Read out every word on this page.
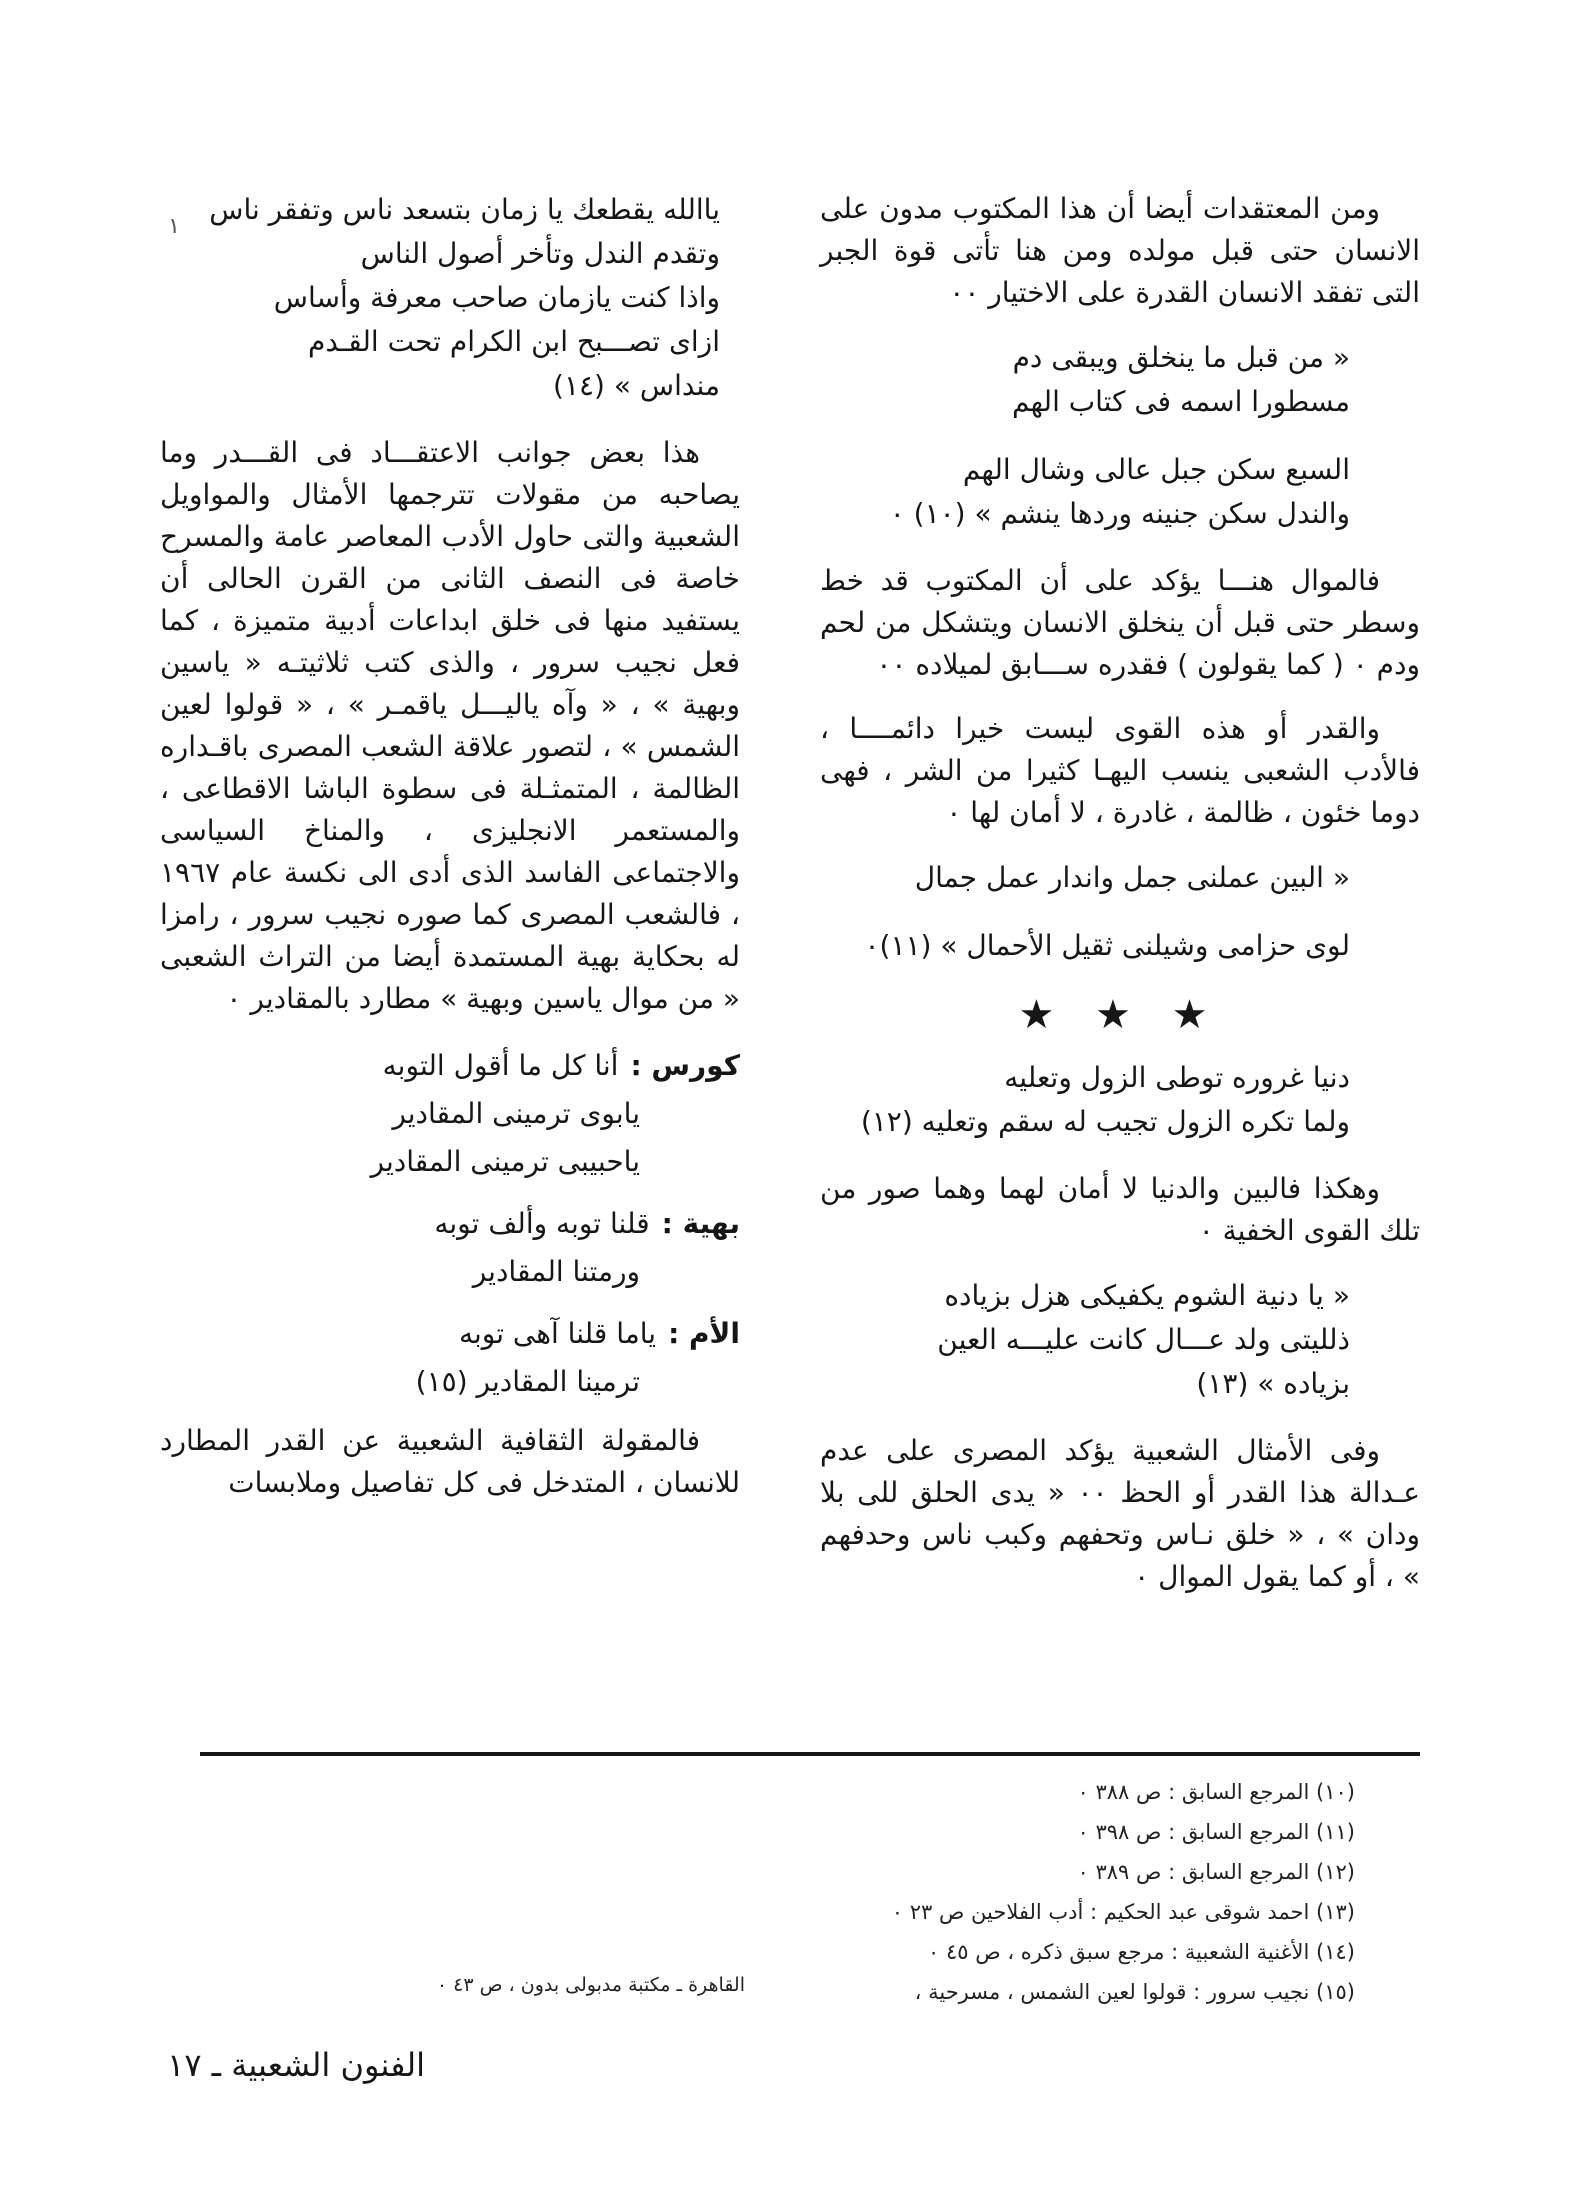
١

ومن المعتقدات أيضا أن هذا المكتوب مدون على الانسان حتى قبل مولده ومن هنا تأتى قوة الجبر التى تفقد الانسان القدرة على الاختيار ٠٠

« من قبل ما ينخلق ويبقى دم
مسطورا اسمه فى كتاب الهم
السبع سكن جبل عالى وشال الهم
والندل سكن جنينه وردها ينشم » (١٠) ٠

فالموال هنـــا يؤكد على أن المكتوب قد خط وسطر حتى قبل أن ينخلق الانسان ويتشكل من لحم ودم ٠ ( كما يقولون ) فقدره ســـابق لميلاده ٠٠

والقدر أو هذه القوى ليست خيرا دائمــــا ، فالأدب الشعبى ينسب اليهـا كثيرا من الشر ، فهى دوما خئون ، ظالمة ، غادرة ، لا أمان لها ٠

« البين عملنى جمل واندار عمل جمال
لوى حزامى وشيلنى ثقيل الأحمال » (١١)٠
★ ★ ★
دنيا غروره توطى الزول وتعليه
ولما تكره الزول تجيب له سقم وتعليه (١٢)

وهكذا فالبين والدنيا لا أمان لهما وهما صور من تلك القوى الخفية ٠

« يا دنية الشوم يكفيكى هزل بزياده
ذلليتى ولد عـــال كانت عليـــه العين
بزياده » (١٣)

وفى الأمثال الشعبية يؤكد المصرى على عدم عـدالة هذا القدر أو الحظ ٠٠ « يدى الحلق للى بلا ودان » ، « خلق نـاس وتحفهم وكبب ناس وحدفهم » ، أو كما يقول الموال ٠

ياالله يقطعك يا زمان بتسعد ناس وتفقر ناس
وتقدم الندل وتأخر أصول الناس
واذا كنت يازمان صاحب معرفة وأساس
ازاى تصـــبح ابن الكرام تحت القـدم
منداس » (١٤)

هذا بعض جوانب الاعتقـــاد فى القـــدر وما يصاحبه من مقولات تترجمها الأمثال والمواويل الشعبية والتى حاول الأدب المعاصر عامة والمسرح خاصة فى النصف الثانى من القرن الحالى أن يستفيد منها فى خلق ابداعات أدبية متميزة ، كما فعل نجيب سرور ، والذى كتب ثلاثيتـه « ياسين وبهية » ، « وآه ياليـــل ياقمـر » ، « قولوا لعين الشمس » ، لتصور علاقة الشعب المصرى باقـداره الظالمة ، المتمثـلة فى سطوة الباشا الاقطاعى ، والمستعمر الانجليزى ، والمناخ السياسى والاجتماعى الفاسد الذى أدى الى نكسة عام ١٩٦٧ ، فالشعب المصرى كما صوره نجيب سرور ، رامزا له بحكاية بهية المستمدة أيضا من التراث الشعبى « من موال ياسين وبهية » مطارد بالمقادير ٠

كورس :أنا كل ما أقول التوبه
يابوى ترمينى المقادير
ياحبيبى ترمينى المقادير
بهية :قلنا توبه وألف توبه
ورمتنا المقادير
الأم :ياما قلنا آهى توبه
ترمينا المقادير (١٥)

فالمقولة الثقافية الشعبية عن القدر المطارد للانسان ، المتدخل فى كل تفاصيل وملابسات

(١٠) المرجع السابق : ص ٣٨٨ ٠
(١١) المرجع السابق : ص ٣٩٨ ٠
(١٢) المرجع السابق : ص ٣٨٩ ٠
(١٣) احمد شوقى عبد الحكيم : أدب الفلاحين ص ٢٣ ٠
(١٤) الأغنية الشعبية : مرجع سبق ذكره ، ص ٤٥ ٠
(١٥) نجيب سرور : قولوا لعين الشمس ، مسرحية ،
القاهرة ـ مكتبة مدبولى بدون ، ص ٤٣ ٠
الفنون الشعبية ـ ١٧
